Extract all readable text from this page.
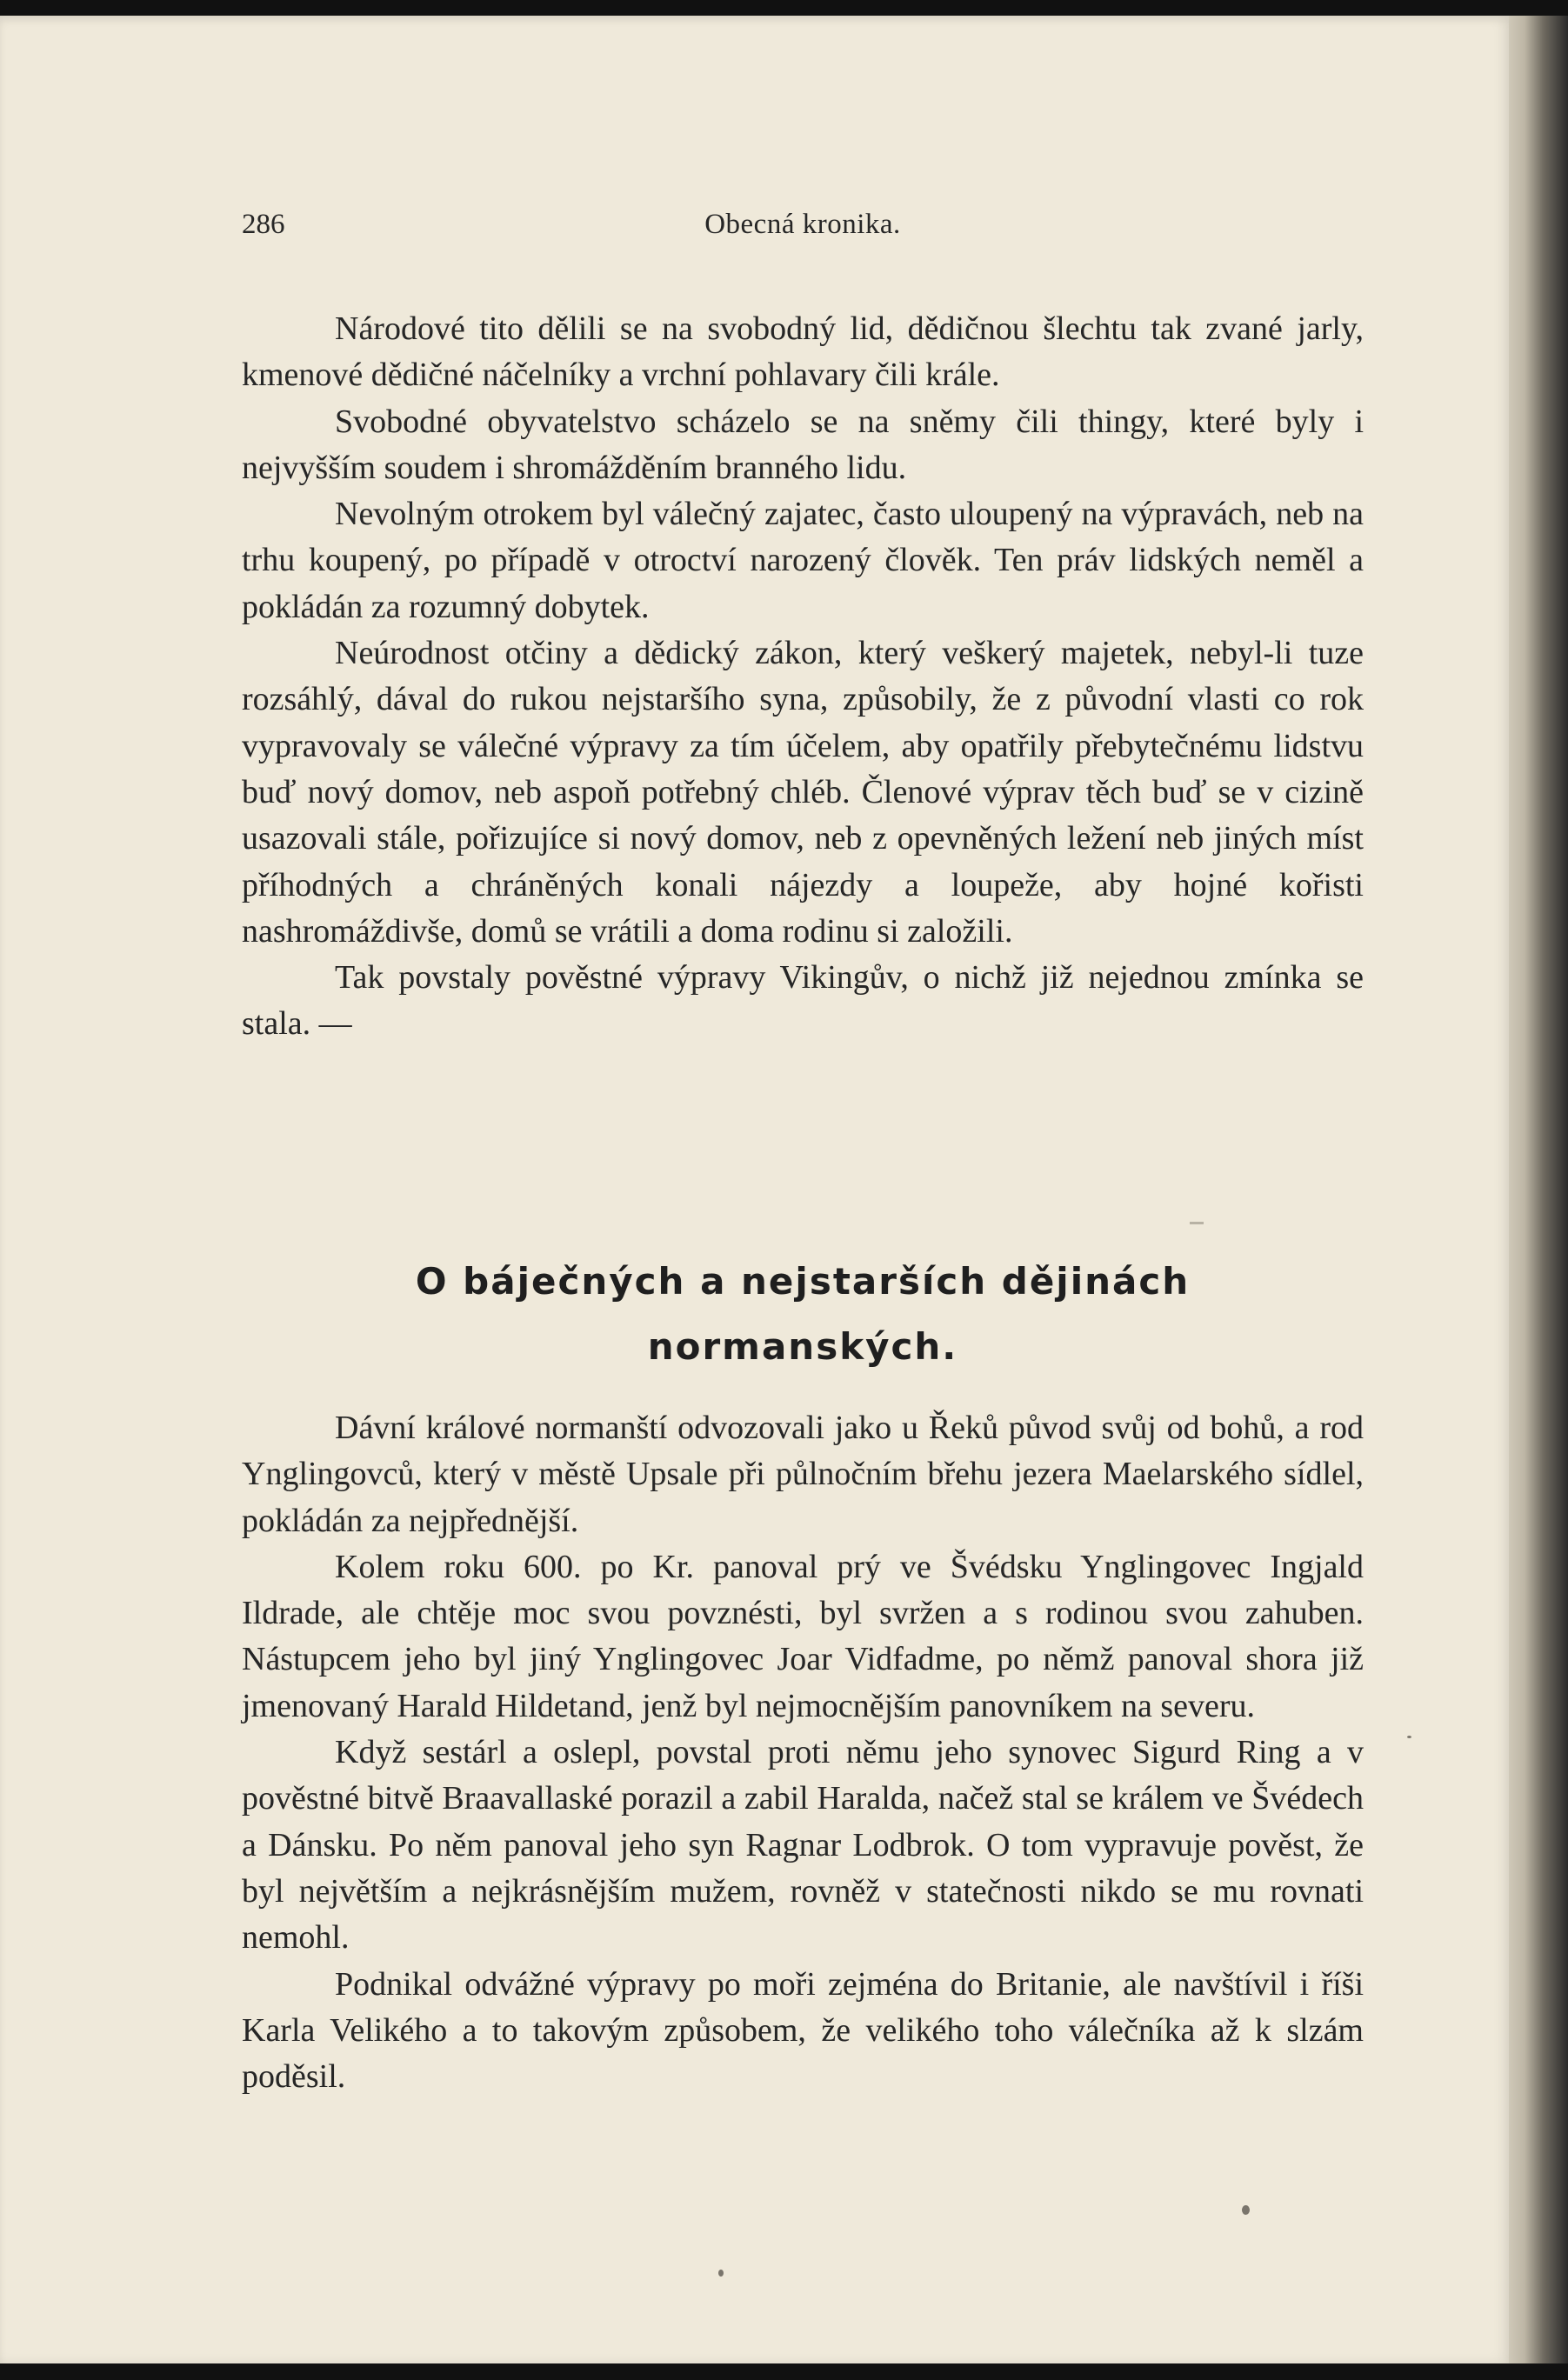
286	Obecná kronika.

Národové tito dělili se na svobodný lid, dědičnou šlechtu tak zvané jarly, kmenové dědičné náčelníky a vrchní pohlavary čili krále.

Svobodné obyvatelstvo scházelo se na sněmy čili thingy, které byly i nejvyšším soudem i shromážděním branného lidu.

Nevolným otrokem byl válečný zajatec, často uloupený na výpravách, neb na trhu koupený, po případě v otroctví narozený člověk. Ten práv lidských neměl a pokládán za rozumný dobytek.

Neúrodnost otčiny a dědický zákon, který veškerý majetek, nebyl-li tuze rozsáhlý, dával do rukou nejstaršího syna, způsobily, že z původní vlasti co rok vypravovaly se válečné výpravy za tím účelem, aby opatřily přebytečnému lidstvu buď nový domov, neb aspoň potřebný chléb. Členové výprav těch buď se v cizině usazovali stále, pořizujíce si nový domov, neb z opevněných ležení neb jiných míst příhodných a chráněných konali nájezdy a loupeže, aby hojné kořisti nashromáždivše, domů se vrátili a doma rodinu si založili.

Tak povstaly pověstné výpravy Vikingův, o nichž již nejednou zmínka se stala. —

O báječných a nejstarších dějinách
normanských.

Dávní králové normanští odvozovali jako u Řeků původ svůj od bohů, a rod Ynglingovců, který v městě Upsale při půlnočním břehu jezera Maelarského sídlel, pokládán za nejpřednější.

Kolem roku 600. po Kr. panoval prý ve Švédsku Ynglingovec Ingjald Ildrade, ale chtěje moc svou povznésti, byl svržen a s rodinou svou zahuben. Nástupcem jeho byl jiný Ynglingovec Joar Vidfadme, po němž panoval shora již jmenovaný Harald Hildetand, jenž byl nejmocnějším panovníkem na severu.

Když sestárl a oslepl, povstal proti němu jeho synovec Sigurd Ring a v pověstné bitvě Braavallaské porazil a zabil Haralda, načež stal se králem ve Švédech a Dánsku. Po něm panoval jeho syn Ragnar Lodbrok. O tom vypravuje pověst, že byl největším a nejkrásnějším mužem, rovněž v statečnosti nikdo se mu rovnati nemohl.

Podnikal odvážné výpravy po moři zejména do Britanie, ale navštívil i říši Karla Velikého a to takovým způsobem, že velikého toho válečníka až k slzám poděsil.
